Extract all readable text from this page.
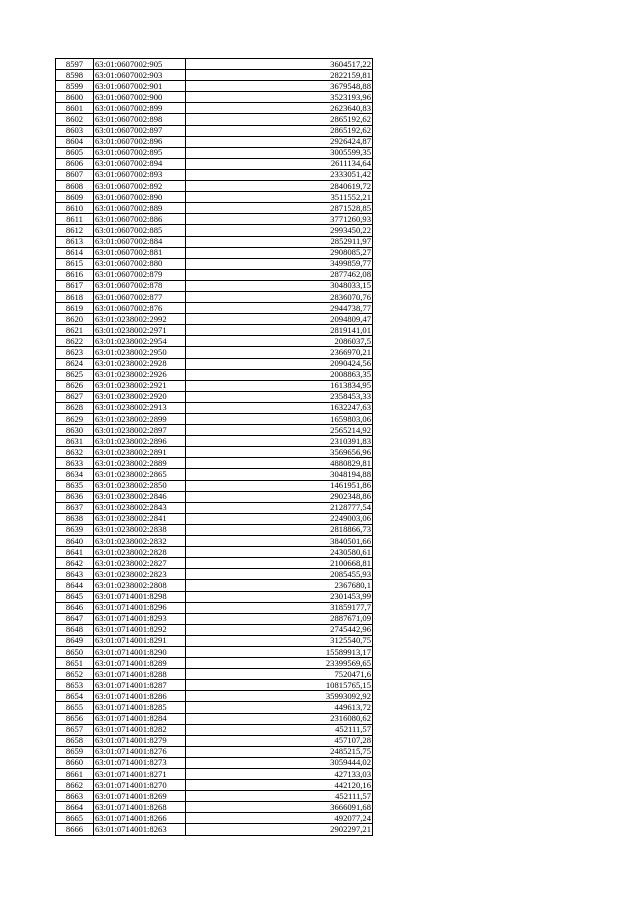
8597	63:01:0607002:905	3604517,22
8598	63:01:0607002:903	2822159,81
8599	63:01:0607002:901	3679548,88
8600	63:01:0607002:900	3523193,96
8601	63:01:0607002:899	2623640,83
8602	63:01:0607002:898	2865192,62
8603	63:01:0607002:897	2865192,62
8604	63:01:0607002:896	2926424,87
8605	63:01:0607002:895	3005599,35
8606	63:01:0607002:894	2611134,64
8607	63:01:0607002:893	2333051,42
8608	63:01:0607002:892	2840619,72
8609	63:01:0607002:890	3511552,21
8610	63:01:0607002:889	2871528,85
8611	63:01:0607002:886	3771260,93
8612	63:01:0607002:885	2993450,22
8613	63:01:0607002:884	2852911,97
8614	63:01:0607002:881	2908085,27
8615	63:01:0607002:880	3499859,77
8616	63:01:0607002:879	2877462,08
8617	63:01:0607002:878	3048033,15
8618	63:01:0607002:877	2836070,76
8619	63:01:0607002:876	2944738,77
8620	63:01:0238002:2992	2094809,47
8621	63:01:0238002:2971	2819141,01
8622	63:01:0238002:2954	2086037,5
8623	63:01:0238002:2950	2366970,21
8624	63:01:0238002:2928	2090424,56
8625	63:01:0238002:2926	2008863,35
8626	63:01:0238002:2921	1613834,95
8627	63:01:0238002:2920	2358453,33
8628	63:01:0238002:2913	1632247,63
8629	63:01:0238002:2899	1659803,06
8630	63:01:0238002:2897	2565214,92
8631	63:01:0238002:2896	2310391,83
8632	63:01:0238002:2891	3569656,96
8633	63:01:0238002:2889	4880829,81
8634	63:01:0238002:2865	3048194,88
8635	63:01:0238002:2850	1461951,86
8636	63:01:0238002:2846	2902348,86
8637	63:01:0238002:2843	2128777,54
8638	63:01:0238002:2841	2249003,06
8639	63:01:0238002:2838	2818866,73
8640	63:01:0238002:2832	3840501,66
8641	63:01:0238002:2828	2430580,61
8642	63:01:0238002:2827	2100668,81
8643	63:01:0238002:2823	2085455,93
8644	63:01:0238002:2808	2367680,1
8645	63:01:0714001:8298	2301453,99
8646	63:01:0714001:8296	31859177,7
8647	63:01:0714001:8293	2887671,09
8648	63:01:0714001:8292	2745442,96
8649	63:01:0714001:8291	3125540,75
8650	63:01:0714001:8290	15589913,17
8651	63:01:0714001:8289	23399569,65
8652	63:01:0714001:8288	7520471,6
8653	63:01:0714001:8287	10815765,15
8654	63:01:0714001:8286	35993092,92
8655	63:01:0714001:8285	449613,72
8656	63:01:0714001:8284	2316080,62
8657	63:01:0714001:8282	452111,57
8658	63:01:0714001:8279	457107,28
8659	63:01:0714001:8276	2485215,75
8660	63:01:0714001:8273	3059444,02
8661	63:01:0714001:8271	427133,03
8662	63:01:0714001:8270	442120,16
8663	63:01:0714001:8269	452111,57
8664	63:01:0714001:8268	3666091,68
8665	63:01:0714001:8266	492077,24
8666	63:01:0714001:8263	2902297,21
